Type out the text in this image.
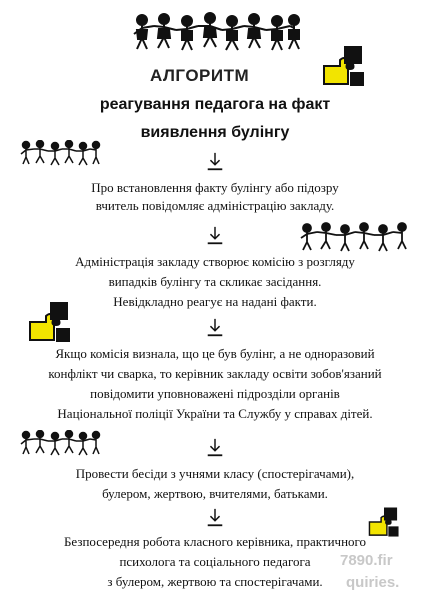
АЛГОРИТМ
реагування педагога на факт
виявлення булінгу
Про встановлення факту булінгу або підозру
вчитель повідомляє адміністрацію закладу.
Адміністрація закладу створює комісію з розгляду
випадків булінгу та скликає засідання.
Невідкладно реагує на надані факти.
Якщо комісія визнала, що це був булінг, а не одноразовий
конфлікт чи сварка, то керівник закладу освіти зобов'язаний
повідомити уповноважені підрозділи органів
Національної поліції України та Службу у справах дітей.
Провести бесіди з учнями класу (спостерігачами),
булером, жертвою, вчителями, батьками.
Безпосередня робота класного керівника, практичного
психолога та соціального педагога
з булером, жертвою та спостерігачами.
7890.fir
quiries.
